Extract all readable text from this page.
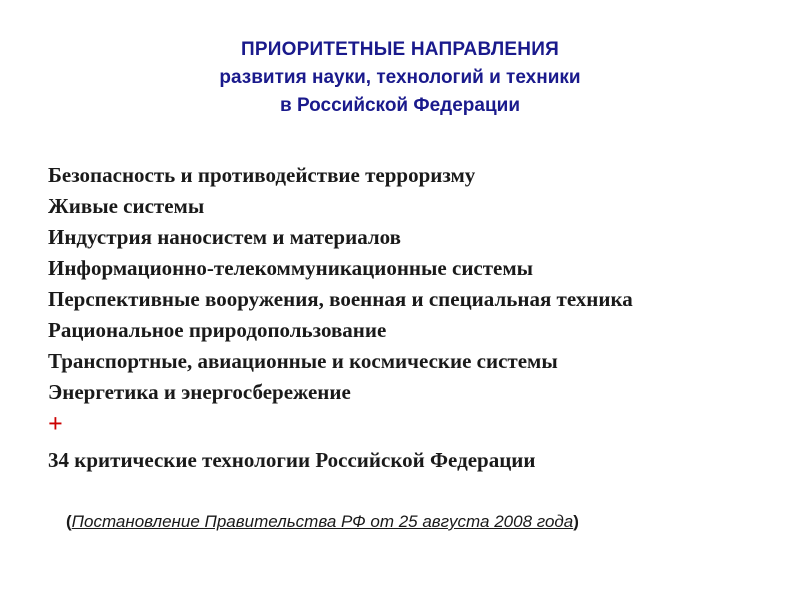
ПРИОРИТЕТНЫЕ НАПРАВЛЕНИЯ
развития науки, технологий и техники
в Российской Федерации
Безопасность и противодействие терроризму
Живые системы
Индустрия наносистем и материалов
Информационно-телекоммуникационные системы
Перспективные вооружения, военная и специальная техника
Рациональное природопользование
Транспортные, авиационные и космические системы
Энергетика и энергосбережение
+
34 критические технологии Российской Федерации
(Постановление Правительства РФ от 25 августа 2008 года)
